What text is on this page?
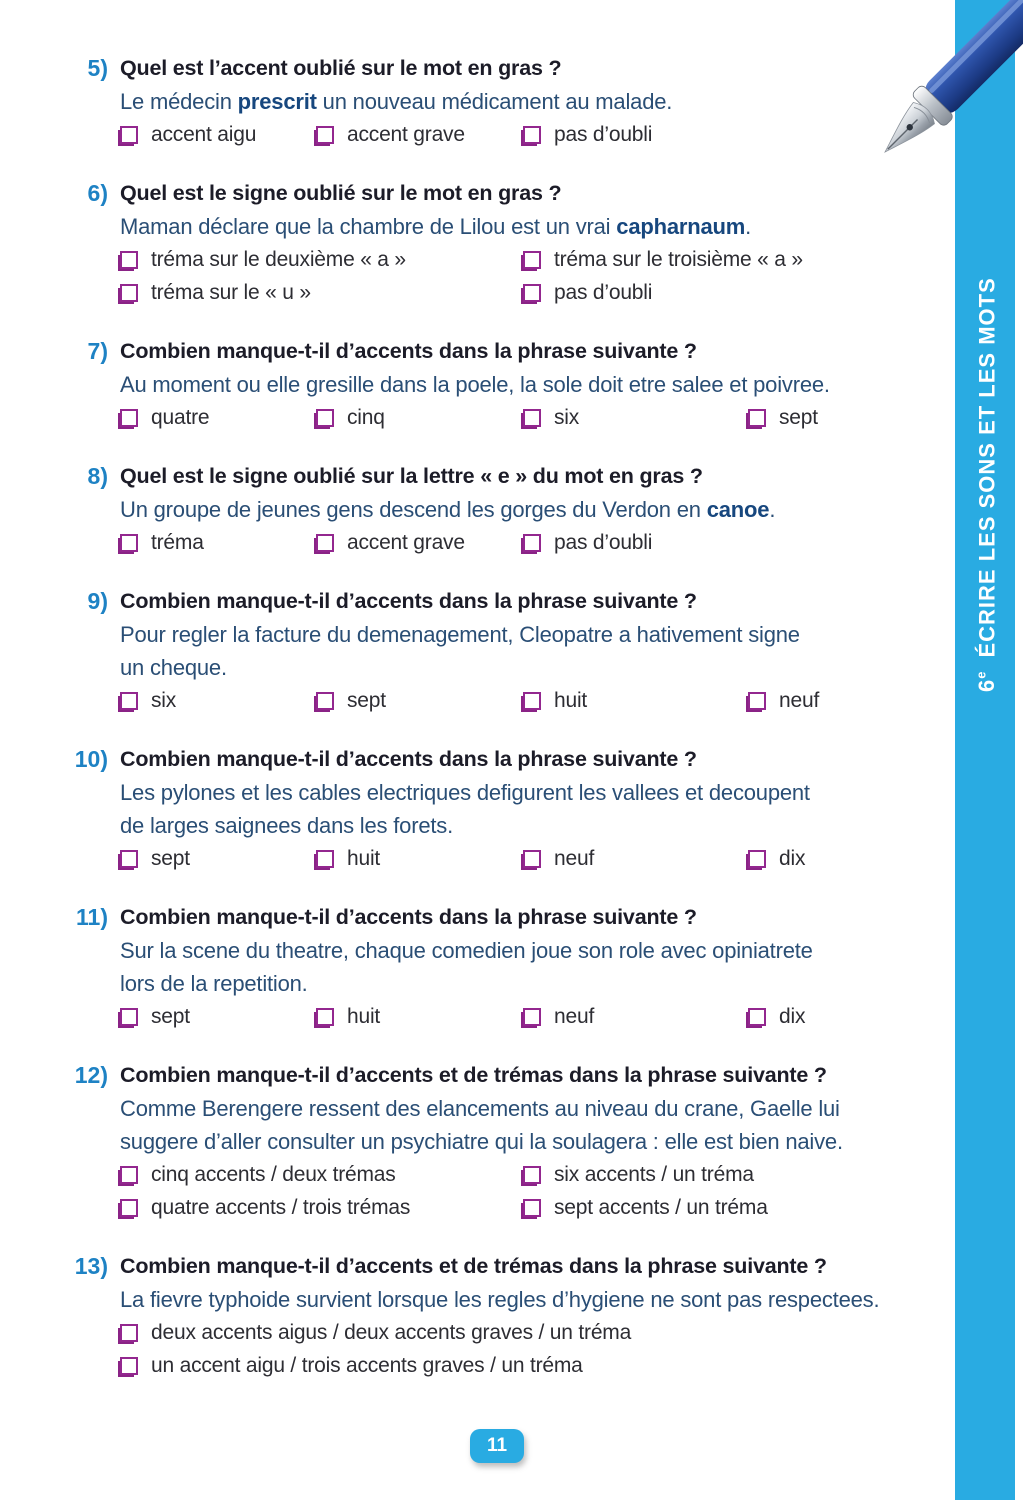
6eÉCRIRE LES SONS ET LES MOTS
5) Quel est l’accent oublié sur le mot en gras ?
Le médecin prescrit un nouveau médicament au malade.
accent aigu	accent grave	pas d’oubli
6) Quel est le signe oublié sur le mot en gras ?
Maman déclare que la chambre de Lilou est un vrai capharnaum.
tréma sur le deuxième « a »	tréma sur le troisième « a »
tréma sur le « u »	pas d’oubli
7) Combien manque-t-il d’accents dans la phrase suivante ?
Au moment ou elle gresille dans la poele, la sole doit etre salee et poivree.
quatre	cinq	six	sept
8) Quel est le signe oublié sur la lettre « e » du mot en gras ?
Un groupe de jeunes gens descend les gorges du Verdon en canoe.
tréma	accent grave	pas d’oubli
9) Combien manque-t-il d’accents dans la phrase suivante ?
Pour regler la facture du demenagement, Cleopatre a hativement signe
un cheque.
six	sept	huit	neuf
10) Combien manque-t-il d’accents dans la phrase suivante ?
Les pylones et les cables electriques defigurent les vallees et decoupent
de larges saignees dans les forets.
sept	huit	neuf	dix
11) Combien manque-t-il d’accents dans la phrase suivante ?
Sur la scene du theatre, chaque comedien joue son role avec opiniatrete
lors de la repetition.
sept	huit	neuf	dix
12) Combien manque-t-il d’accents et de trémas dans la phrase suivante ?
Comme Berengere ressent des elancements au niveau du crane, Gaelle lui
suggere d’aller consulter un psychiatre qui la soulagera : elle est bien naive.
cinq accents / deux trémas	six accents / un tréma
quatre accents / trois trémas	sept accents / un tréma
13) Combien manque-t-il d’accents et de trémas dans la phrase suivante ?
La fievre typhoide survient lorsque les regles d’hygiene ne sont pas respectees.
deux accents aigus / deux accents graves / un tréma
un accent aigu / trois accents graves / un tréma
11
